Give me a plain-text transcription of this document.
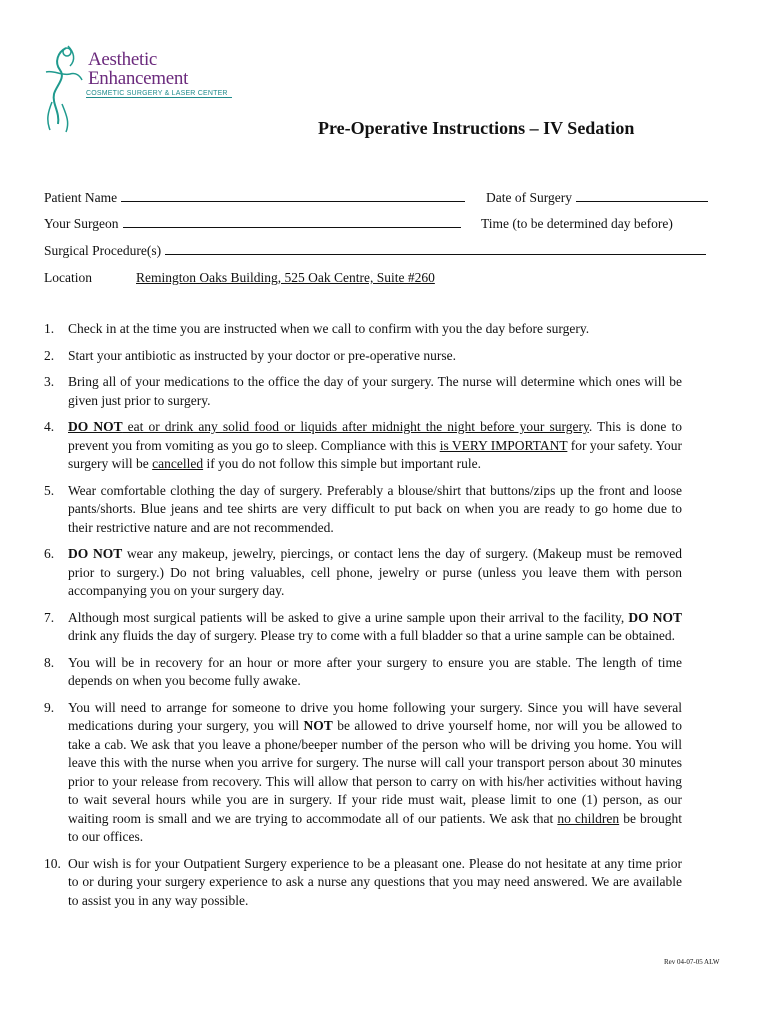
Aesthetic
Enhancement
COSMETIC SURGERY & LASER CENTER
Pre-Operative Instructions – IV Sedation
Patient Name	Date of Surgery
Your Surgeon	Time (to be determined day before)
Surgical Procedure(s)
Location	Remington Oaks Building, 525 Oak Centre, Suite #260
1. Check in at the time you are instructed when we call to confirm with you the day before surgery.
2. Start your antibiotic as instructed by your doctor or pre-operative nurse.
3. Bring all of your medications to the office the day of your surgery. The nurse will determine which ones will be given just prior to surgery.
4. DO NOT eat or drink any solid food or liquids after midnight the night before your surgery. This is done to prevent you from vomiting as you go to sleep. Compliance with this is VERY IMPORTANT for your safety. Your surgery will be cancelled if you do not follow this simple but important rule.
5. Wear comfortable clothing the day of surgery. Preferably a blouse/shirt that buttons/zips up the front and loose pants/shorts. Blue jeans and tee shirts are very difficult to put back on when you are ready to go home due to their restrictive nature and are not recommended.
6. DO NOT wear any makeup, jewelry, piercings, or contact lens the day of surgery. (Makeup must be removed prior to surgery.) Do not bring valuables, cell phone, jewelry or purse (unless you leave them with person accompanying you on your surgery day.
7. Although most surgical patients will be asked to give a urine sample upon their arrival to the facility, DO NOT drink any fluids the day of surgery. Please try to come with a full bladder so that a urine sample can be obtained.
8. You will be in recovery for an hour or more after your surgery to ensure you are stable. The length of time depends on when you become fully awake.
9. You will need to arrange for someone to drive you home following your surgery. Since you will have several medications during your surgery, you will NOT be allowed to drive yourself home, nor will you be allowed to take a cab. We ask that you leave a phone/beeper number of the person who will be driving you home. You will leave this with the nurse when you arrive for surgery. The nurse will call your transport person about 30 minutes prior to your release from recovery. This will allow that person to carry on with his/her activities without having to wait several hours while you are in surgery. If your ride must wait, please limit to one (1) person, as our waiting room is small and we are trying to accommodate all of our patients. We ask that no children be brought to our offices.
10. Our wish is for your Outpatient Surgery experience to be a pleasant one. Please do not hesitate at any time prior to or during your surgery experience to ask a nurse any questions that you may need answered. We are available to assist you in any way possible.
Rev 04-07-05 ALW
